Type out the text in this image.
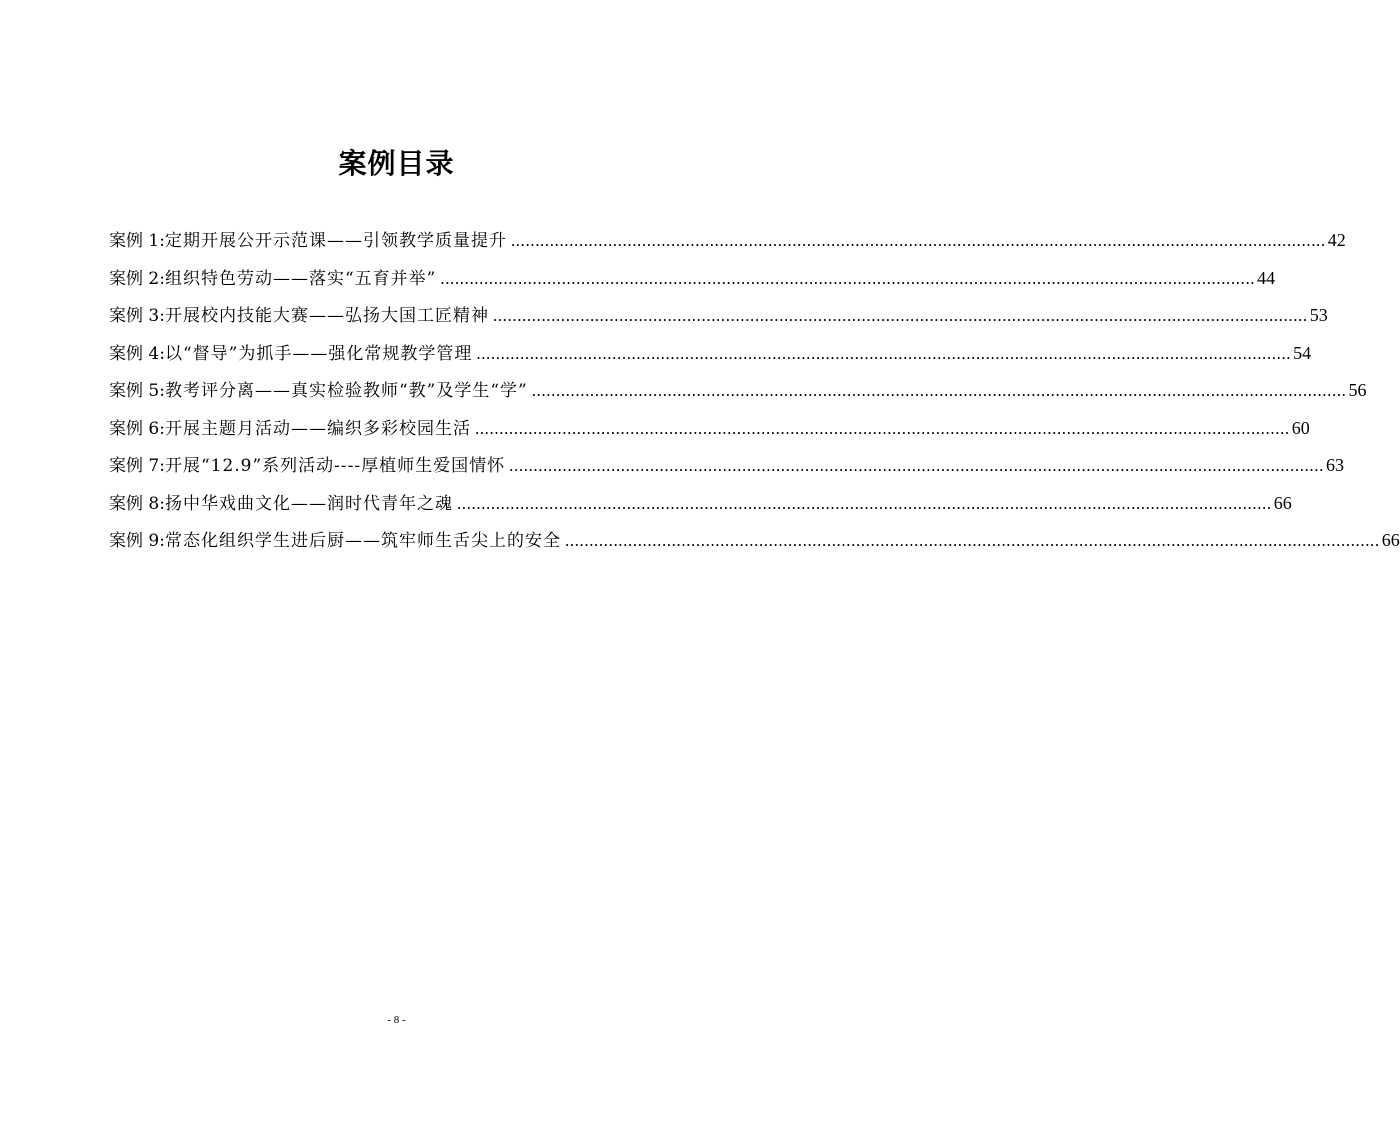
案例目录
案例 1: 定期开展公开示范课——引领教学质量提升 .....	42
案例 2: 组织特色劳动——落实“五育并举” .....	44
案例 3: 开展校内技能大赛——弘扬大国工匠精神 .....	53
案例 4: 以“督导”为抓手——强化常规教学管理 .....	54
案例 5: 教考评分离——真实检验教师“教”及学生“学” .....	56
案例 6: 开展主题月活动——编织多彩校园生活 .....	60
案例 7: 开展“12.9”系列活动----厚植师生爱国情怀 .....	63
案例 8: 扬中华戏曲文化——润时代青年之魂 .....	66
案例 9: 常态化组织学生进后厨——筑牢师生舌尖上的安全 .....	66
- 8 -
